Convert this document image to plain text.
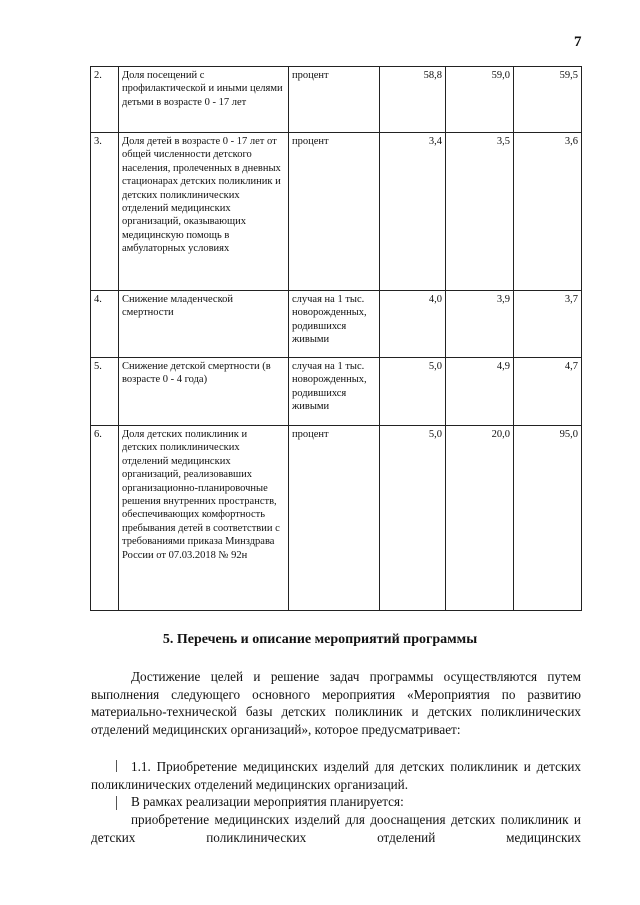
7
2.	Доля посещений с профилактической и иными целями детьми в возрасте 0 - 17 лет	процент	58,8	59,0	59,5
3.	Доля детей в возрасте 0 - 17 лет от общей численности детского населения, пролеченных в дневных стационарах детских поликлиник и детских поликлинических отделений медицинских организаций, оказывающих медицинскую помощь в амбулаторных условиях	процент	3,4	3,5	3,6
4.	Снижение младенческой смертности	случая на 1 тыс. новорожденных, родившихся живыми	4,0	3,9	3,7
5.	Снижение детской смертности (в возрасте 0 - 4 года)	случая на 1 тыс. новорожденных, родившихся живыми	5,0	4,9	4,7
6.	Доля детских поликлиник и детских поликлинических отделений медицинских организаций, реализовавших организационно-планировочные решения внутренних пространств, обеспечивающих комфортность пребывания детей в соответствии с требованиями приказа Минздрава России от 07.03.2018 № 92н	процент	5,0	20,0	95,0
5. Перечень и описание мероприятий программы

Достижение целей и решение задач программы осуществляются путем выполнения следующего основного мероприятия «Мероприятия по развитию материально-технической базы детских поликлиник и детских поликлинических отделений медицинских организаций», которое предусматривает:

1.1. Приобретение медицинских изделий для детских поликлиник и детских поликлинических отделений медицинских организаций.

В рамках реализации мероприятия планируется:

приобретение медицинских изделий для дооснащения детских поликлиник и детских поликлинических отделений медицинских
